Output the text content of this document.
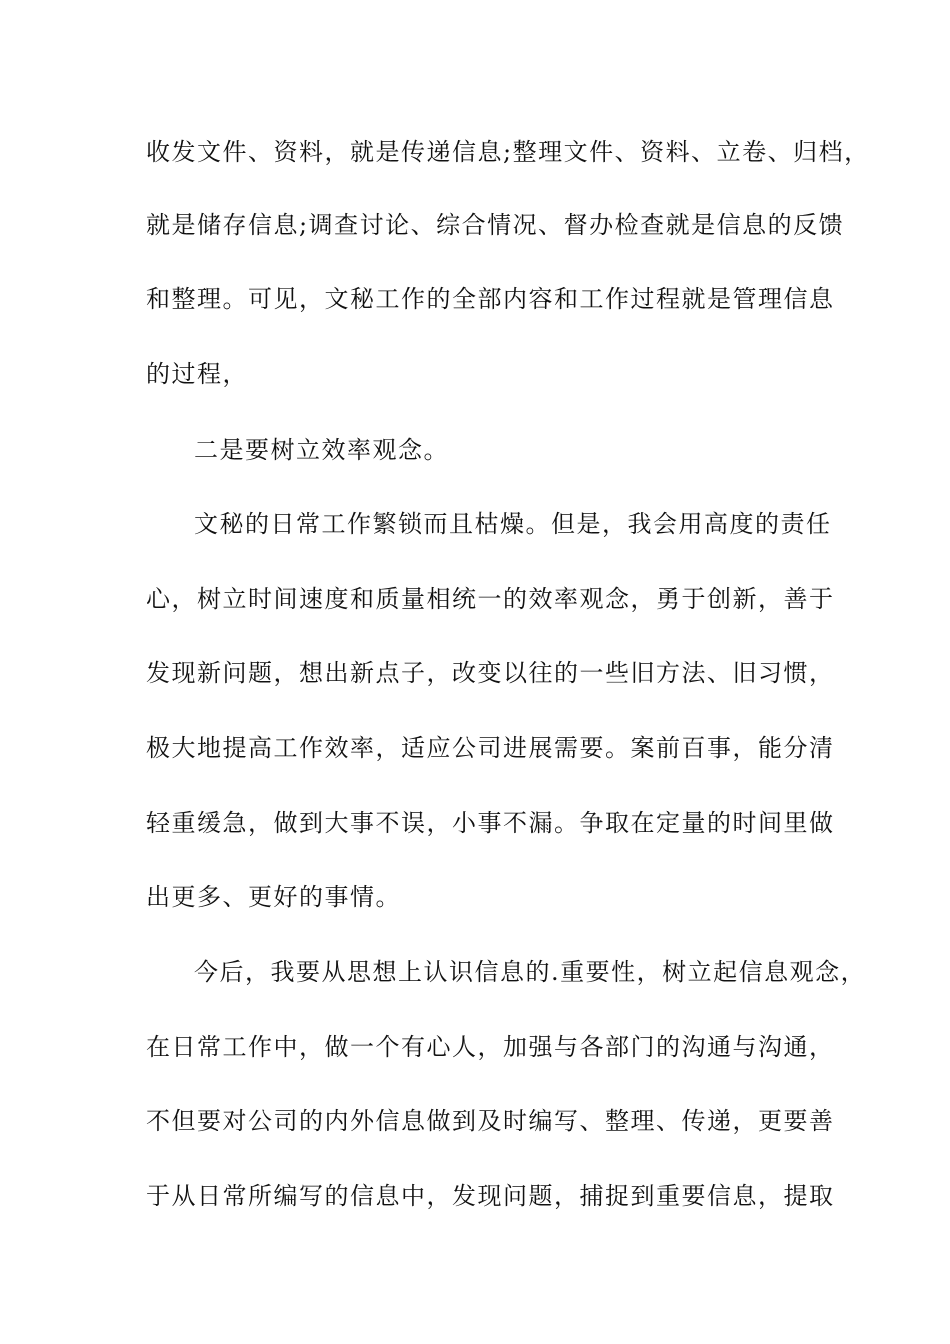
收发文件、资料，就是传递信息;整理文件、资料、立卷、归档，
就是储存信息;调查讨论、综合情况、督办检查就是信息的反馈
和整理。可见，文秘工作的全部内容和工作过程就是管理信息
的过程，
二是要树立效率观念。
文秘的日常工作繁锁而且枯燥。但是，我会用高度的责任
心，树立时间速度和质量相统一的效率观念，勇于创新，善于
发现新问题，想出新点子，改变以往的一些旧方法、旧习惯，
极大地提高工作效率，适应公司进展需要。案前百事，能分清
轻重缓急，做到大事不误，小事不漏。争取在定量的时间里做
出更多、更好的事情。
今后，我要从思想上认识信息的.重要性，树立起信息观念，
在日常工作中，做一个有心人，加强与各部门的沟通与沟通，
不但要对公司的内外信息做到及时编写、整理、传递，更要善
于从日常所编写的信息中，发现问题，捕捉到重要信息，提取
